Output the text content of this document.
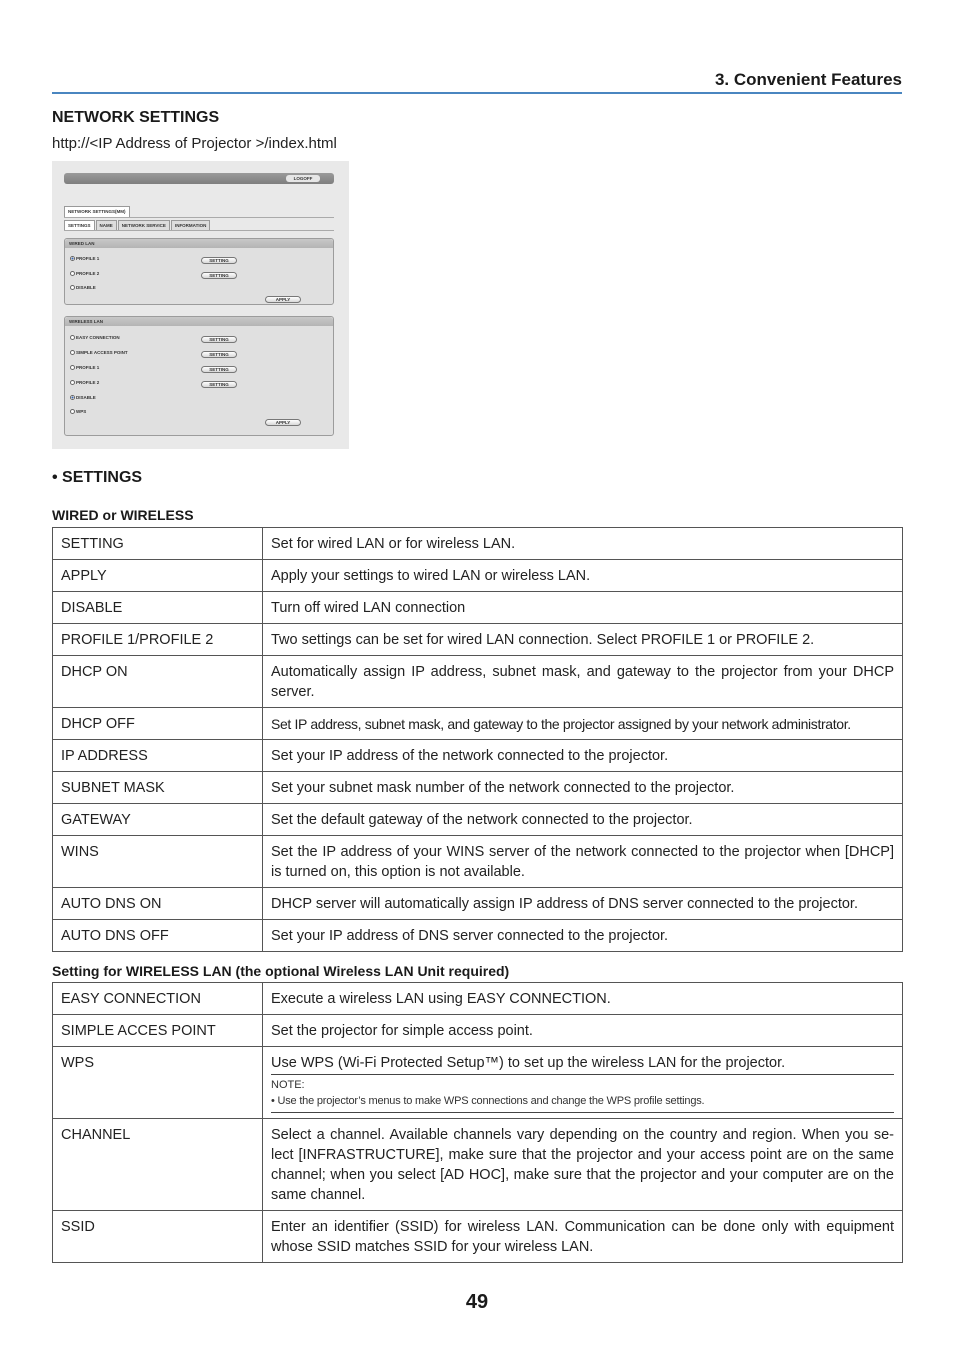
3. Convenient Features
NETWORK SETTINGS
http://<IP Address of Projector >/index.html
LOGOFF
NETWORK SETTINGS(MM)
SETTINGS	NAME	NETWORK SERVICE	INFORMATION
WIRED LAN
PROFILE 1
PROFILE 2
DISABLE
SETTING
SETTING
APPLY
WIRELESS LAN
EASY CONNECTION
SIMPLE ACCESS POINT
PROFILE 1
PROFILE 2
DISABLE
WPS
SETTING
SETTING
SETTING
SETTING
APPLY
• SETTINGS
WIRED or WIRELESS
SETTING	Set for wired LAN or for wireless LAN.
APPLY	Apply your settings to wired LAN or wireless LAN.
DISABLE	Turn off wired LAN connection
PROFILE 1/PROFILE 2	Two settings can be set for wired LAN connection. Select PROFILE 1 or PROFILE 2.
DHCP ON	Automatically assign IP address, subnet mask, and gateway to the projector from your DHCP server.
DHCP OFF	Set IP address, subnet mask, and gateway to the projector assigned by your network administrator.
IP ADDRESS	Set your IP address of the network connected to the projector.
SUBNET MASK	Set your subnet mask number of the network connected to the projector.
GATEWAY	Set the default gateway of the network connected to the projector.
WINS	Set the IP address of your WINS server of the network connected to the projector when [DHCP] is turned on, this option is not available.
AUTO DNS ON	DHCP server will automatically assign IP address of DNS server connected to the projector.
AUTO DNS OFF	Set your IP address of DNS server connected to the projector.
Setting for WIRELESS LAN (the optional Wireless LAN Unit required)
EASY CONNECTION	Execute a wireless LAN using EASY CONNECTION.
SIMPLE ACCES POINT	Set the projector for simple access point.
WPS	Use WPS (Wi-Fi Protected Setup™) to set up the wireless LAN for the projector.
NOTE:
• Use the projector’s menus to make WPS connections and change the WPS profile settings.

CHANNEL	Select a channel. Available channels vary depending on the country and region. When you se-lect [INFRASTRUCTURE], make sure that the projector and your access point are on the same channel; when you select [AD HOC], make sure that the projector and your computer are on the same channel.
SSID	Enter an identifier (SSID) for wireless LAN. Communication can be done only with equipment whose SSID matches SSID for your wireless LAN.
49
